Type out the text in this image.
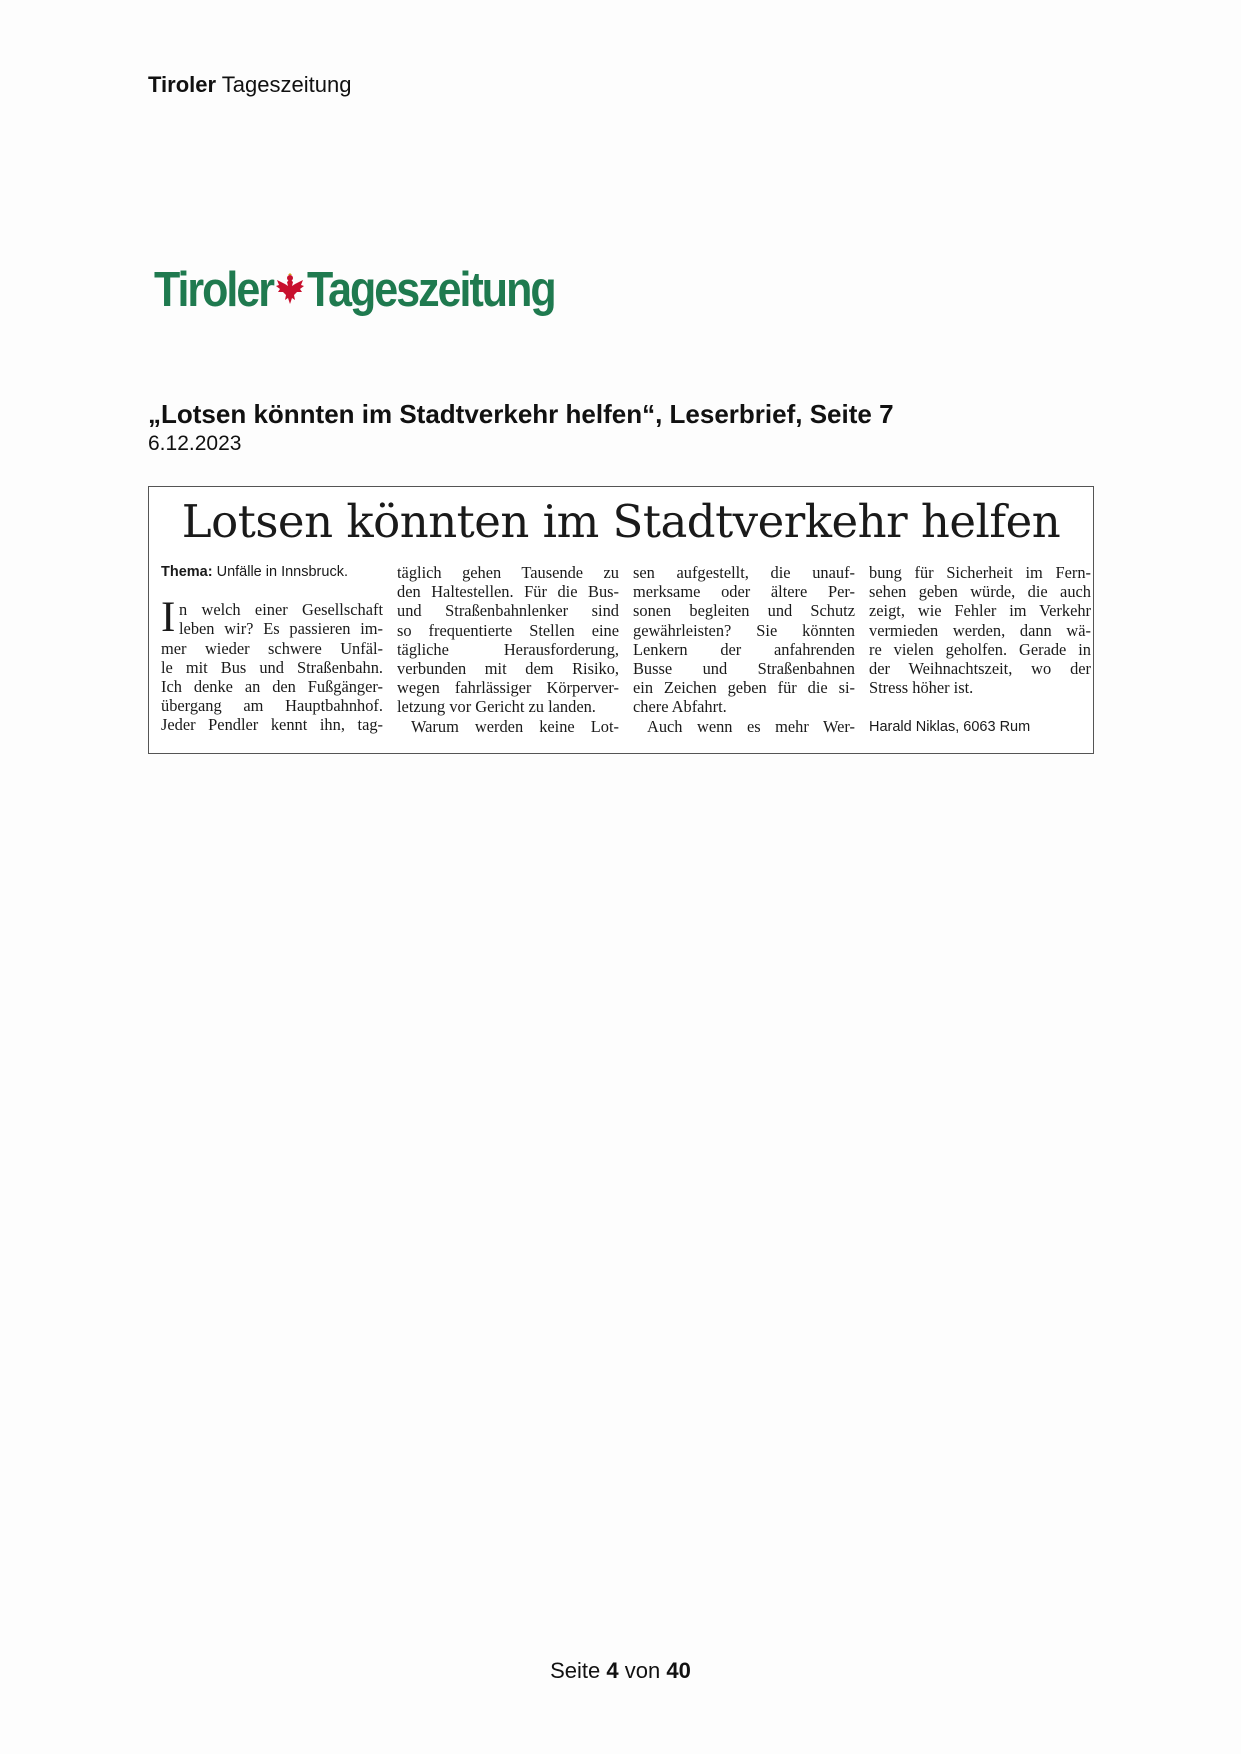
Tiroler Tageszeitung
Tiroler Tageszeitung
„Lotsen könnten im Stadtverkehr helfen“, Leserbrief, Seite 7
6.12.2023
Lotsen könnten im Stadtverkehr helfen
Thema: Unfälle in Innsbruck.
I n welch einer Gesellschaft
leben wir? Es passieren im-
mer wieder schwere Unfäl-
le mit Bus und Straßenbahn.
Ich denke an den Fußgänger-
übergang am Hauptbahnhof.
Jeder Pendler kennt ihn, tag-
täglich gehen Tausende zu
den Haltestellen. Für die Bus-
und Straßenbahnlenker sind
so frequentierte Stellen eine
tägliche Herausforderung,
verbunden mit dem Risiko,
wegen fahrlässiger Körperver-
letzung vor Gericht zu landen.
Warum werden keine Lot-
sen aufgestellt, die unauf-
merksame oder ältere Per-
sonen begleiten und Schutz
gewährleisten? Sie könnten
Lenkern der anfahrenden
Busse und Straßenbahnen
ein Zeichen geben für die si-
chere Abfahrt.
Auch wenn es mehr Wer-
bung für Sicherheit im Fern-
sehen geben würde, die auch
zeigt, wie Fehler im Verkehr
vermieden werden, dann wä-
re vielen geholfen. Gerade in
der Weihnachtszeit, wo der
Stress höher ist.
Harald Niklas, 6063 Rum
Seite 4 von 40
